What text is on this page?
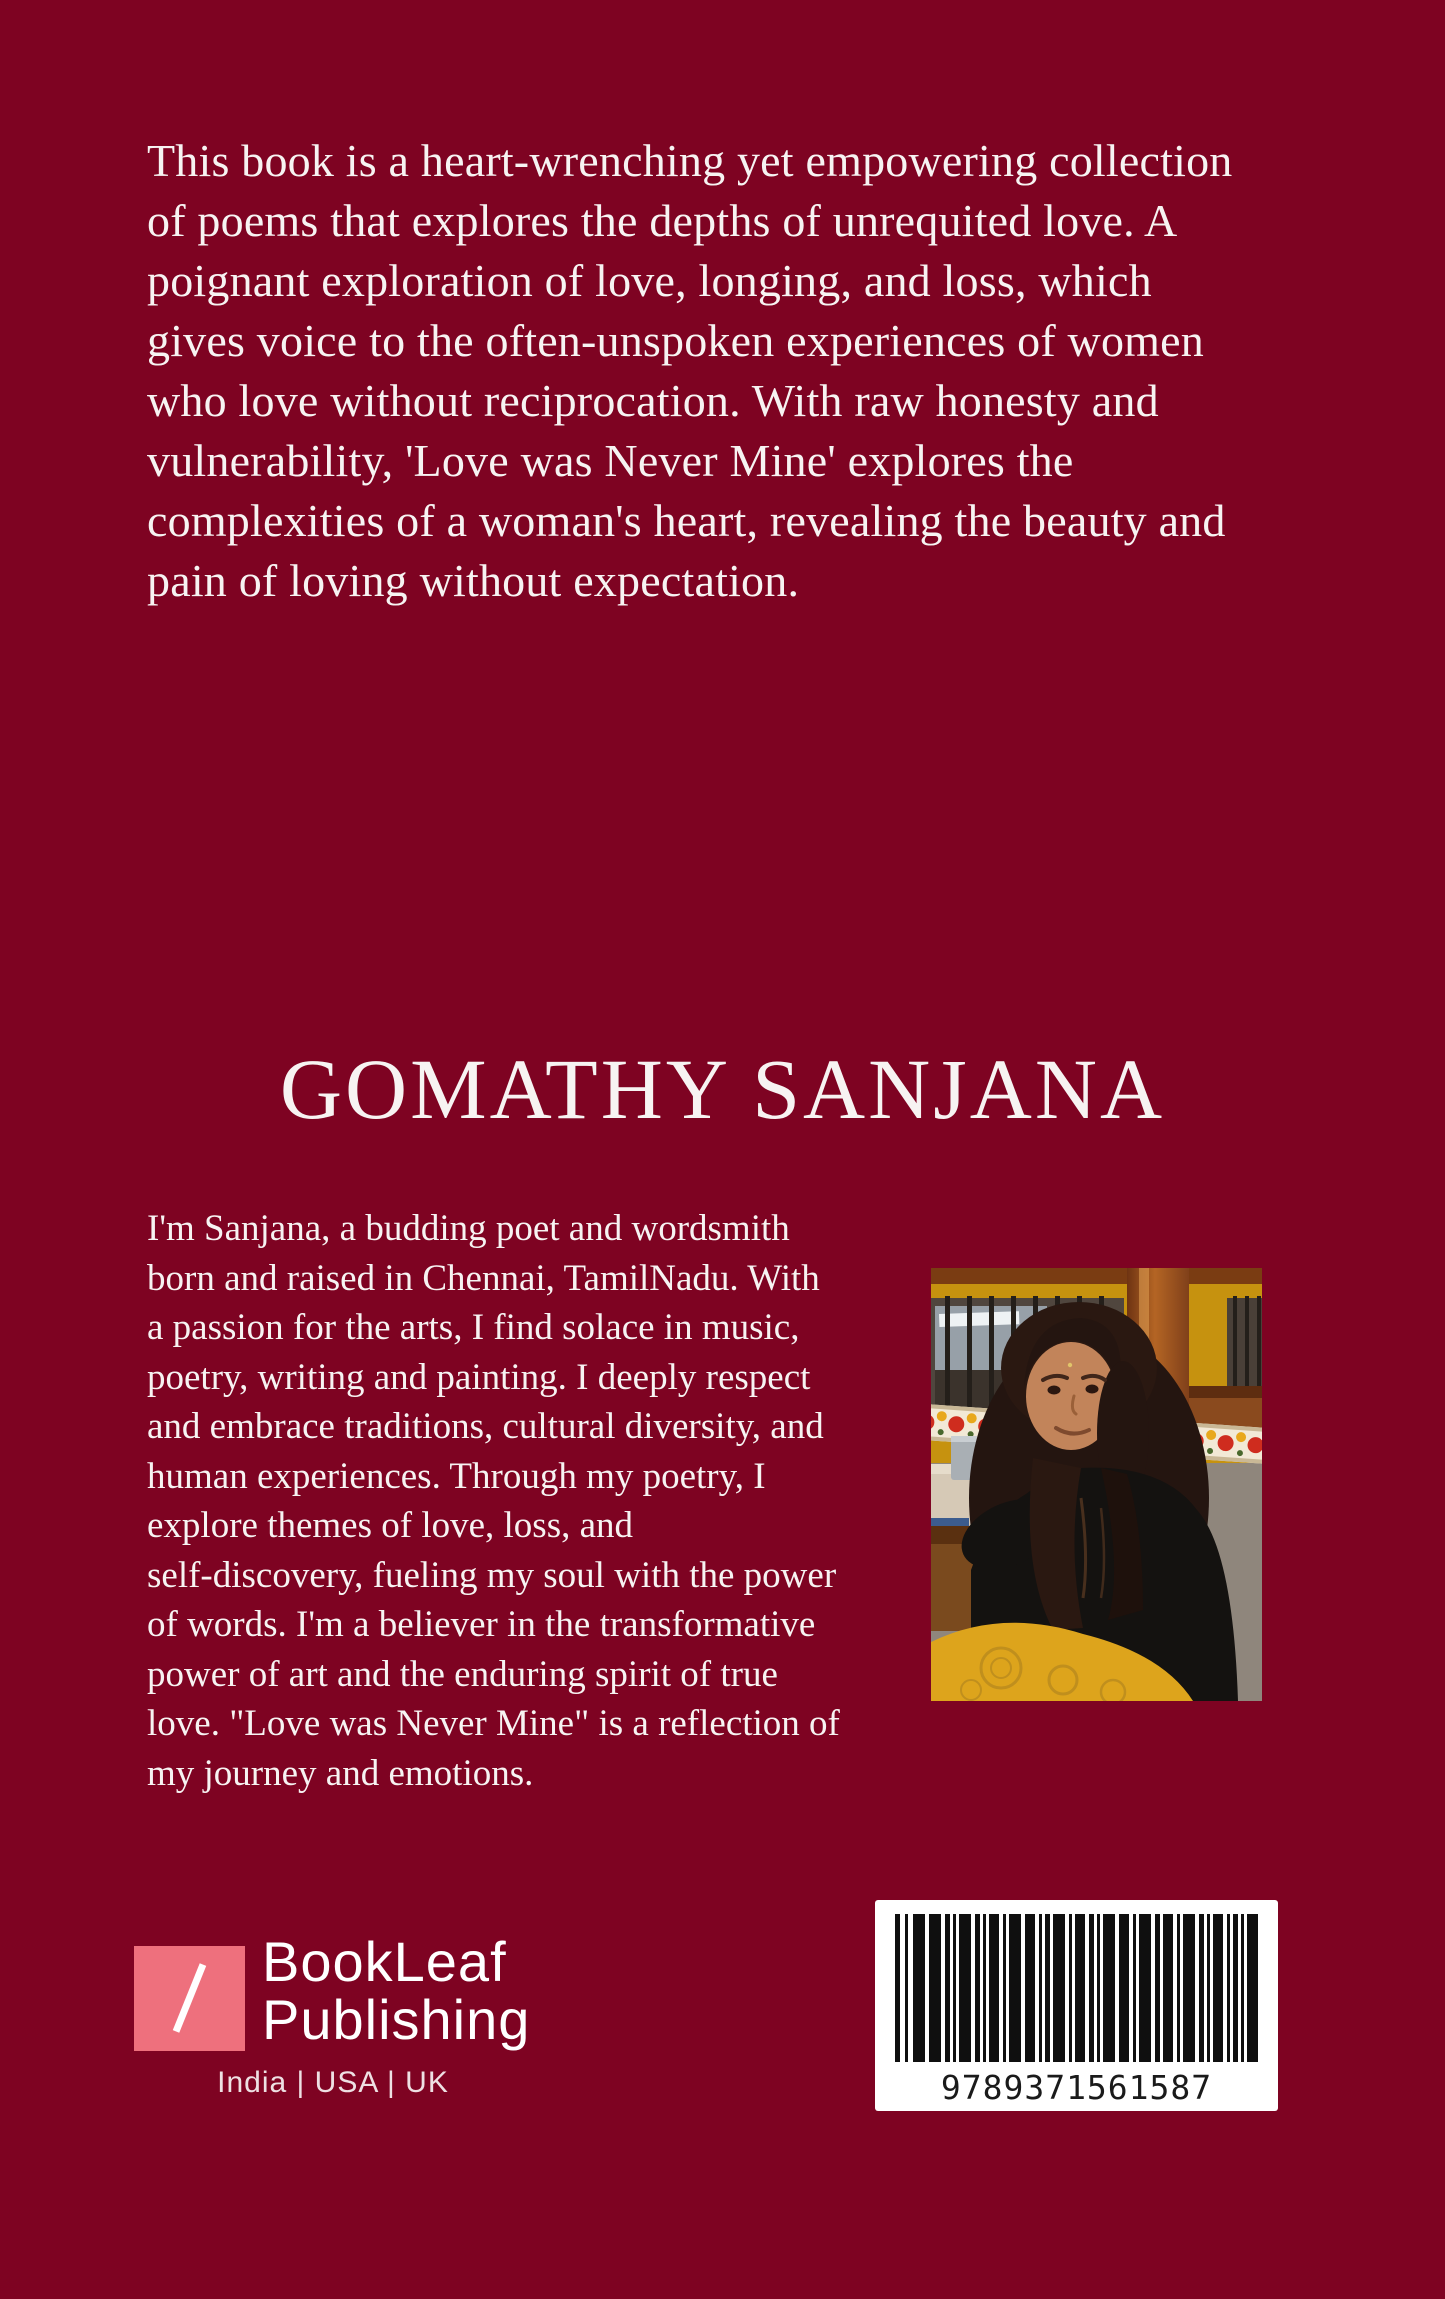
This book is a heart-wrenching yet empowering collection
of poems that explores the depths of unrequited love. A
poignant exploration of love, longing, and loss, which
gives voice to the often-unspoken experiences of women
who love without reciprocation. With raw honesty and
vulnerability, 'Love was Never Mine' explores the
complexities of a woman's heart, revealing the beauty and
pain of loving without expectation.
GOMATHY SANJANA
I'm Sanjana, a budding poet and wordsmith
born and raised in Chennai, TamilNadu. With
a passion for the arts, I find solace in music,
poetry, writing and painting. I deeply respect
and embrace traditions, cultural diversity, and
human experiences. Through my poetry, I
explore themes of love, loss, and
self-discovery, fueling my soul with the power
of words. I'm a believer in the transformative
power of art and the enduring spirit of true
love. "Love was Never Mine" is a reflection of
my journey and emotions.
BookLeaf
Publishing
India | USA | UK	9789371561587
